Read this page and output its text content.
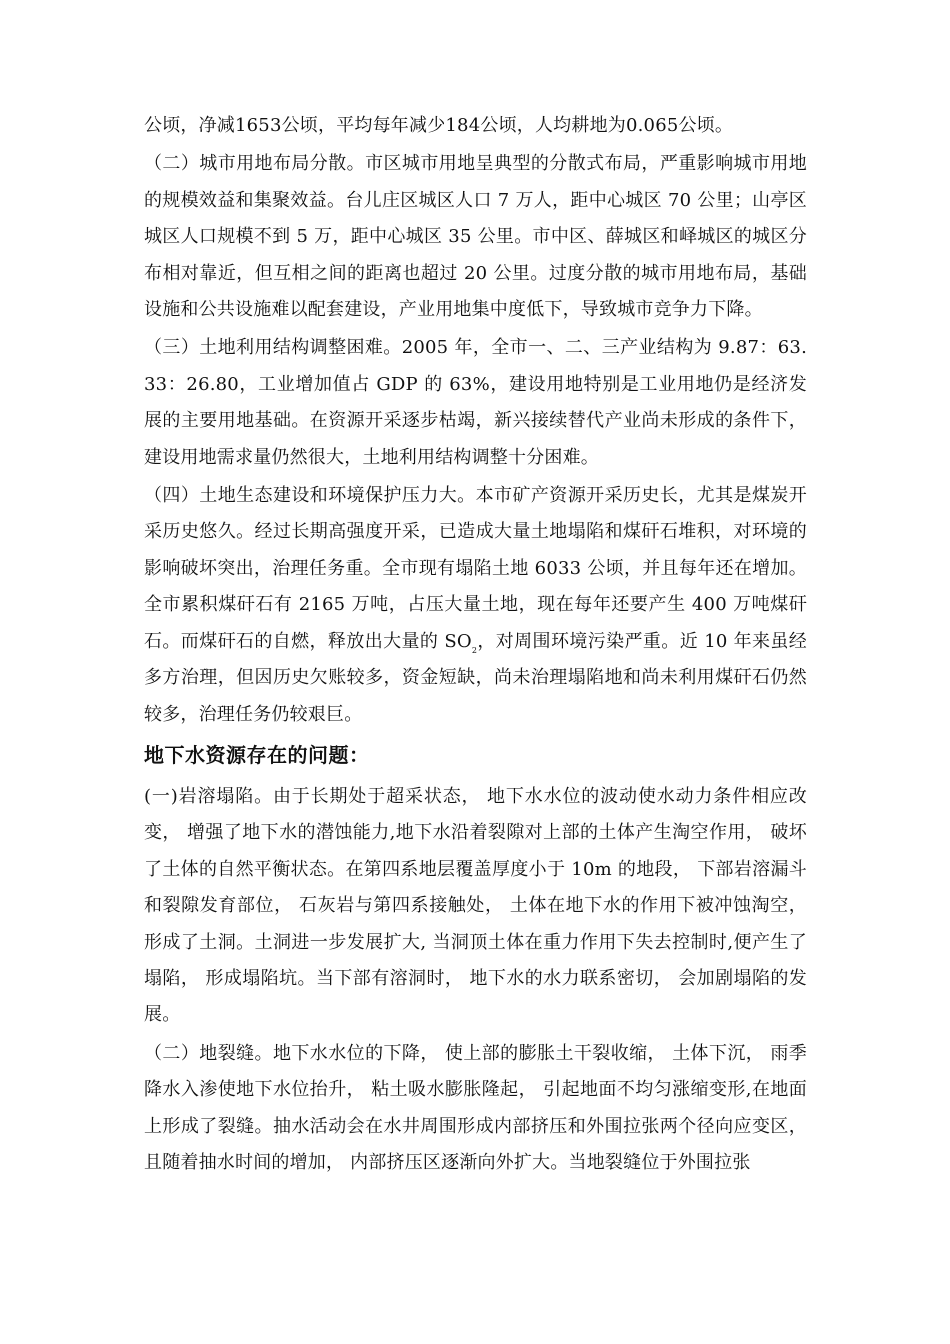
公顷，净减1653公顷，平均每年减少184公顷，人均耕地为0.065公顷。

（二）城市用地布局分散。市区城市用地呈典型的分散式布局，严重影响城市用地的规模效益和集聚效益。台儿庄区城区人口 7 万人，距中心城区 70 公里；山亭区城区人口规模不到 5 万，距中心城区 35 公里。市中区、薛城区和峄城区的城区分布相对靠近，但互相之间的距离也超过 20 公里。过度分散的城市用地布局，基础设施和公共设施难以配套建设，产业用地集中度低下，导致城市竞争力下降。

（三）土地利用结构调整困难。2005 年，全市一、二、三产业结构为 9.87：63.33：26.80，工业增加值占 GDP 的 63%，建设用地特别是工业用地仍是经济发展的主要用地基础。在资源开采逐步枯竭，新兴接续替代产业尚未形成的条件下，建设用地需求量仍然很大，土地利用结构调整十分困难。

（四）土地生态建设和环境保护压力大。本市矿产资源开采历史长，尤其是煤炭开采历史悠久。经过长期高强度开采，已造成大量土地塌陷和煤矸石堆积，对环境的影响破坏突出，治理任务重。全市现有塌陷土地 6033 公顷，并且每年还在增加。全市累积煤矸石有 2165 万吨，占压大量土地，现在每年还要产生 400 万吨煤矸石。而煤矸石的自燃，释放出大量的 $SO_2$，对周围环境污染严重。近 10 年来虽经多方治理，但因历史欠账较多，资金短缺，尚未治理塌陷地和尚未利用煤矸石仍然较多，治理任务仍较艰巨。

地下水资源存在的问题：

(一)岩溶塌陷。由于长期处于超采状态， 地下水水位的波动使水动力条件相应改变， 增强了地下水的潜蚀能力,地下水沿着裂隙对上部的土体产生淘空作用， 破坏了土体的自然平衡状态。在第四系地层覆盖厚度小于 10m 的地段， 下部岩溶漏斗和裂隙发育部位， 石灰岩与第四系接触处， 土体在地下水的作用下被冲蚀淘空， 形成了土洞。土洞进一步发展扩大, 当洞顶土体在重力作用下失去控制时,便产生了塌陷， 形成塌陷坑。当下部有溶洞时， 地下水的水力联系密切， 会加剧塌陷的发展。

（二）地裂缝。地下水水位的下降， 使上部的膨胀土干裂收缩， 土体下沉， 雨季降水入渗使地下水位抬升， 粘土吸水膨胀隆起， 引起地面不均匀涨缩变形,在地面上形成了裂缝。抽水活动会在水井周围形成内部挤压和外围拉张两个径向应变区， 且随着抽水时间的增加， 内部挤压区逐渐向外扩大。当地裂缝位于外围拉张
